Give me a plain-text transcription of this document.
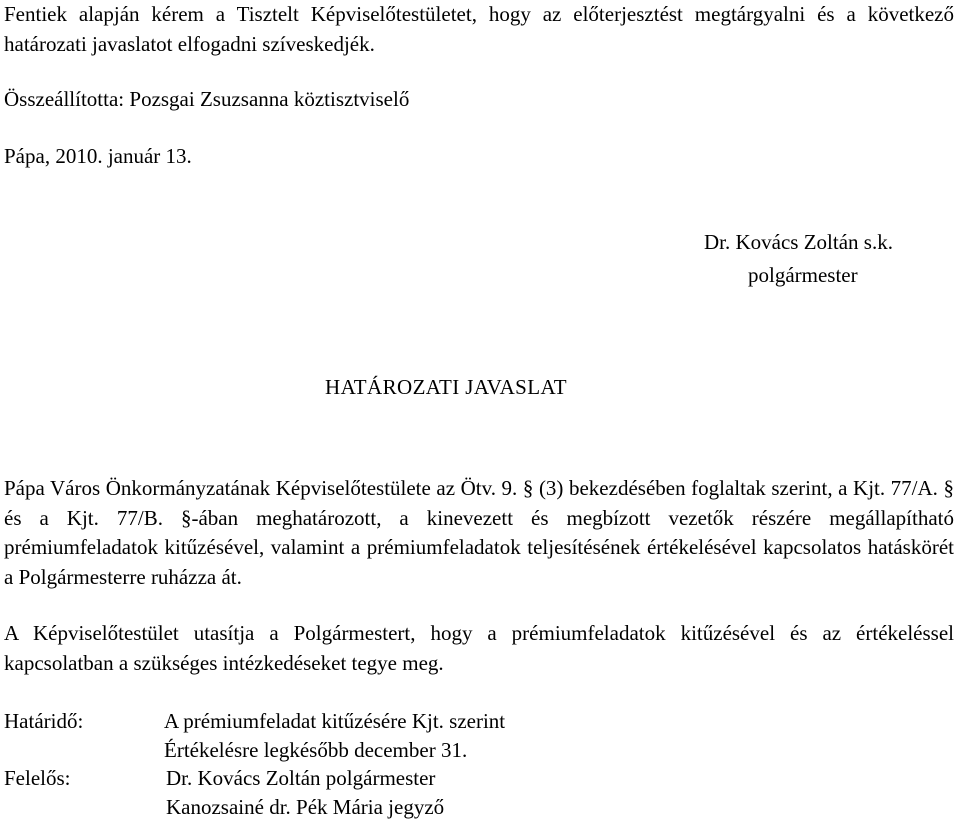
Fentiek alapján kérem a Tisztelt Képviselőtestületet, hogy az előterjesztést megtárgyalni és a következő határozati javaslatot elfogadni szíveskedjék.
Összeállította: Pozsgai Zsuzsanna köztisztviselő
Pápa, 2010. január 13.
Dr. Kovács Zoltán s.k.
polgármester
HATÁROZATI JAVASLAT
Pápa Város Önkormányzatának Képviselőtestülete az Ötv. 9. § (3) bekezdésében foglaltak szerint, a Kjt. 77/A. § és a Kjt. 77/B. §-ában meghatározott, a kinevezett és megbízott vezetők részére megállapítható prémiumfeladatok kitűzésével, valamint a prémiumfeladatok teljesítésének értékelésével kapcsolatos hatáskörét a Polgármesterre ruházza át.
A Képviselőtestület utasítja a Polgármestert, hogy a prémiumfeladatok kitűzésével és az értékeléssel kapcsolatban a szükséges intézkedéseket tegye meg.
Határidő:	A prémiumfeladat kitűzésére Kjt. szerint
Értékelésre legkésőbb december 31.
Felelős:	Dr. Kovács Zoltán polgármester
Kanozsainé dr. Pék Mária jegyző
